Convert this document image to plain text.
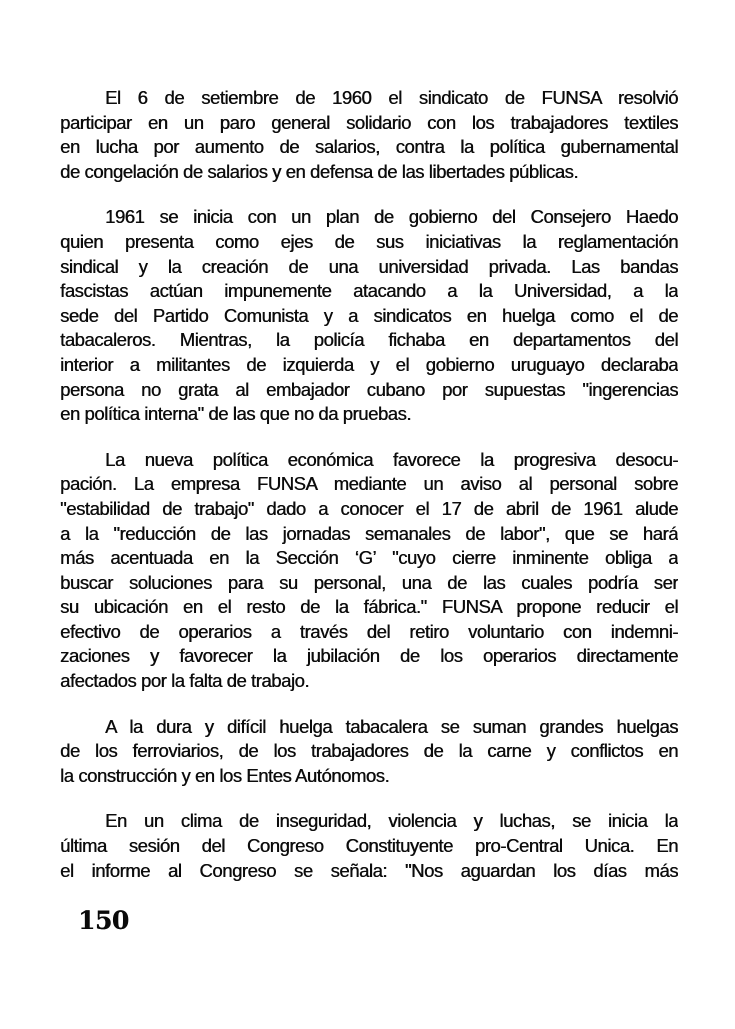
El 6 de setiembre de 1960 el sindicato de FUNSA resolvió
participar en un paro general solidario con los trabajadores textiles
en lucha por aumento de salarios, contra la política gubernamental
de congelación de salarios y en defensa de las libertades públicas.
1961 se inicia con un plan de gobierno del Consejero Haedo
quien presenta como ejes de sus iniciativas la reglamentación
sindical y la creación de una universidad privada. Las bandas
fascistas actúan impunemente atacando a la Universidad, a la
sede del Partido Comunista y a sindicatos en huelga como el de
tabacaleros. Mientras, la policía fichaba en departamentos del
interior a militantes de izquierda y el gobierno uruguayo declaraba
persona no grata al embajador cubano por supuestas "ingerencias
en política interna" de las que no da pruebas.
La nueva política económica favorece la progresiva desocu-
pación. La empresa FUNSA mediante un aviso al personal sobre
"estabilidad de trabajo" dado a conocer el 17 de abril de 1961 alude
a la "reducción de las jornadas semanales de labor", que se hará
más acentuada en la Sección ‘G’ "cuyo cierre inminente obliga a
buscar soluciones para su personal, una de las cuales podría ser
su ubicación en el resto de la fábrica." FUNSA propone reducir el
efectivo de operarios a través del retiro voluntario con indemni-
zaciones y favorecer la jubilación de los operarios directamente
afectados por la falta de trabajo.
A la dura y difícil huelga tabacalera se suman grandes huelgas
de los ferroviarios, de los trabajadores de la carne y conflictos en
la construcción y en los Entes Autónomos.
En un clima de inseguridad, violencia y luchas, se inicia la
última sesión del Congreso Constituyente pro-Central Unica. En
el informe al Congreso se señala: "Nos aguardan los días más
150
